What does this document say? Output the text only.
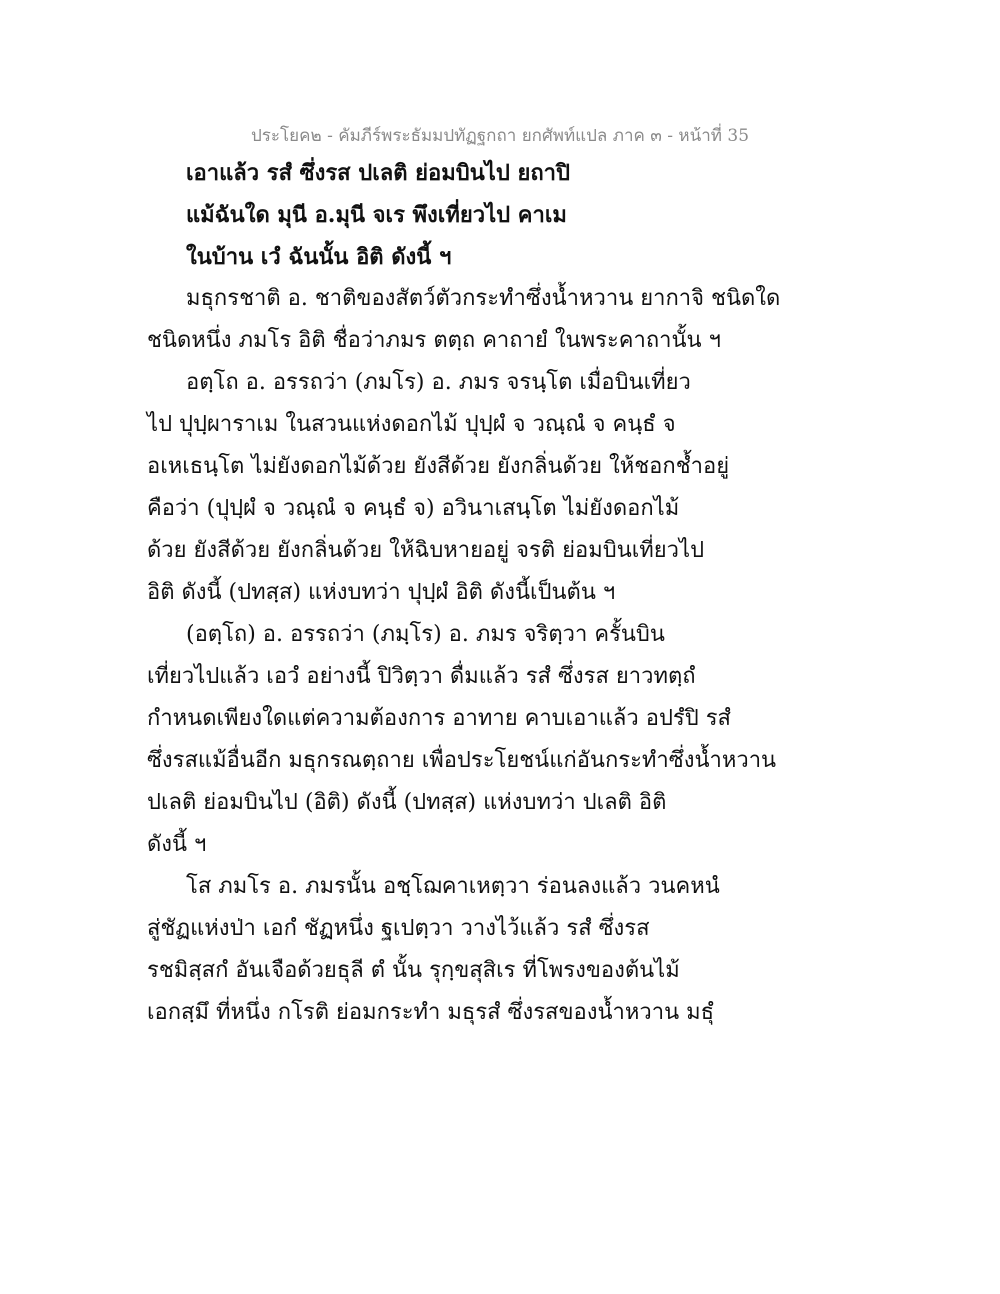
ประโยค๒ - คัมภีร์พระธัมมปทัฏฐกถา ยกศัพท์แปล ภาค ๓ - หน้าที่ 35
เอาแล้ว รสํ ซึ่งรส ปเลติ ย่อมบินไป ยถาปิ
แม้ฉันใด มุนี อ.มุนี จเร พึงเที่ยวไป คาเม
ในบ้าน เวํ ฉันนั้น อิติ ดังนี้ ฯ
มธุกรชาติ อ. ชาติของสัตว์ตัวกระทำซึ่งน้ำหวาน ยากาจิ ชนิดใด
ชนิดหนึ่ง ภมโร อิติ ชื่อว่าภมร ตตฺถ คาถายํ ในพระคาถานั้น ฯ
อตฺโถ อ. อรรถว่า (ภมโร) อ. ภมร จรนฺโต เมื่อบินเที่ยว
ไป ปุปฺผาราเม ในสวนแห่งดอกไม้ ปุปฺผํ จ วณฺณํ จ คนฺธํ จ
อเหเธนฺโต ไม่ยังดอกไม้ด้วย ยังสีด้วย ยังกลิ่นด้วย ให้ชอกช้ำอยู่
คือว่า (ปุปฺผํ จ วณฺณํ จ คนฺธํ จ) อวินาเสนฺโต ไม่ยังดอกไม้
ด้วย ยังสีด้วย ยังกลิ่นด้วย ให้ฉิบหายอยู่ จรติ ย่อมบินเที่ยวไป
อิติ ดังนี้ (ปทสฺส) แห่งบทว่า ปุปฺผํ อิติ ดังนี้เป็นต้น ฯ
(อตฺโถ) อ. อรรถว่า (ภมฺโร) อ. ภมร จริตฺวา ครั้นบิน
เที่ยวไปแล้ว เอวํ อย่างนี้ ปิวิตฺวา ดื่มแล้ว รสํ ซึ่งรส ยาวทตฺถํ
กำหนดเพียงใดแต่ความต้องการ อาทาย คาบเอาแล้ว อปรํปิ รสํ
ซึ่งรสแม้อื่นอีก มธุกรณตฺถาย เพื่อประโยชน์แก่อันกระทำซึ่งน้ำหวาน
ปเลติ ย่อมบินไป (อิติ) ดังนี้ (ปทสฺส) แห่งบทว่า ปเลติ อิติ
ดังนี้ ฯ
โส ภมโร อ. ภมรนั้น อชฺโฌคาเหตฺวา ร่อนลงแล้ว วนคหนํ
สู่ชัฏแห่งป่า เอกํ ชัฏหนึ่ง ฐเปตฺวา วางไว้แล้ว รสํ ซึ่งรส
รชมิสฺสกํ อันเจือด้วยธุลี ตํ นั้น รุกฺขสุสิเร ที่โพรงของต้นไม้
เอกสฺมึ ที่หนึ่ง กโรติ ย่อมกระทำ มธุรสํ ซึ่งรสของน้ำหวาน มธุํ
